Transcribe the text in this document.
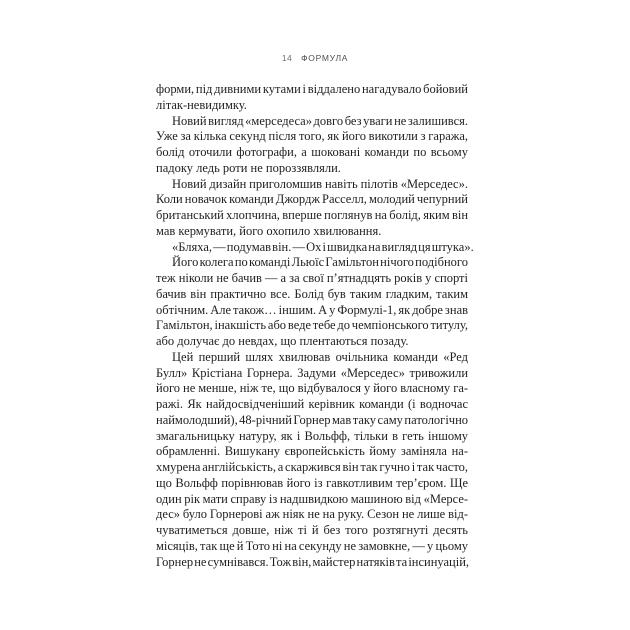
14 ФОРМУЛА
форми, під дивними кутами і віддалено нагадувало бойовий
літак-невидимку.
Новий вигляд «мерседеса» довго без уваги не залишився.
Уже за кілька секунд після того, як його викотили з гаража,
болід оточили фотографи, а шоковані команди по всьому
падоку ледь роти не пороззявляли.
Новий дизайн приголомшив навіть пілотів «Мерседес».
Коли новачок команди Джордж Расселл, молодий чепурний
британський хлопчина, вперше поглянув на болід, яким він
мав кермувати, його охопило хвилювання.
«Бляха, — подумав він. — Ох і швидка на вигляд ця штука».
Його колега по команді Льюїс Гамільтон нічого подібного
теж ніколи не бачив — а за свої п’ятнадцять років у спорті
бачив він практично все. Болід був таким гладким, таким
обтічним. Але також… іншим. А у Формулі-1, як добре знав
Гамільтон, інакшість або веде тебе до чемпіонського титулу,
або долучає до невдах, що плентаються позаду.
Цей перший шлях хвилював очільника команди «Ред
Булл» Крістіана Горнера. Задуми «Мерседес» тривожили
його не менше, ніж те, що відбувалося у його власному га-
ражі. Як найдосвідченіший керівник команди (і водночас
наймолодший), 48-річний Горнер мав таку саму патологічно
змагальницьку натуру, як і Вольфф, тільки в геть іншому
обрамленні. Вишукану європейськість йому заміняла на-
хмурена англійськість, а скаржився він так гучно і так часто,
що Вольфф порівнював його із гавкотливим тер’єром. Ще
один рік мати справу із надшвидкою машиною від «Мерсе-
дес» було Горнерові аж ніяк не на руку. Сезон не лише від-
чуватиметься довше, ніж ті й без того розтягнуті десять
місяців, так ще й Тото ні на секунду не замовкне, — у цьому
Горнер не сумнівався. Тож він, майстер натяків та інсинуацій,
